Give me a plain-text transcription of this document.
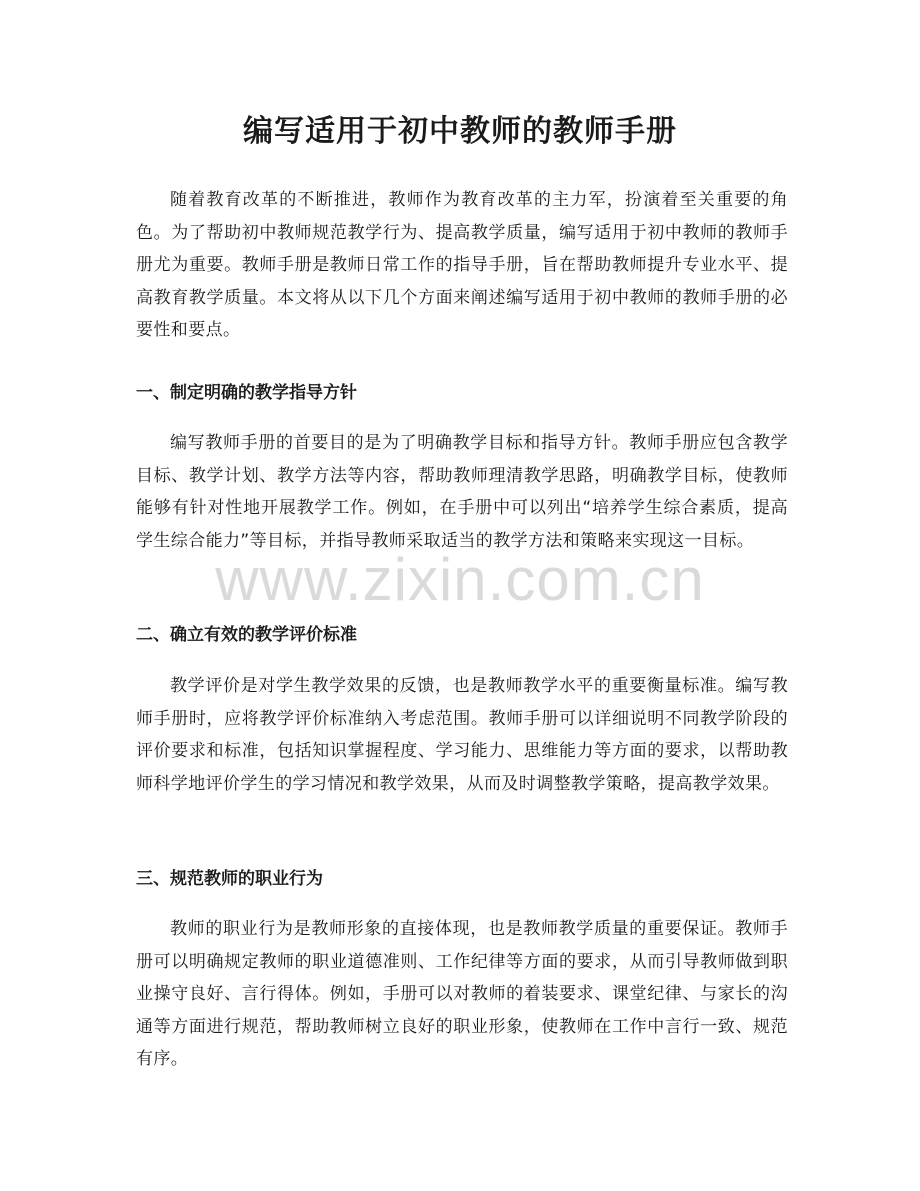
编写适用于初中教师的教师手册

随着教育改革的不断推进，教师作为教育改革的主力军，扮演着至关重要的角色。为了帮助初中教师规范教学行为、提高教学质量，编写适用于初中教师的教师手册尤为重要。教师手册是教师日常工作的指导手册，旨在帮助教师提升专业水平、提高教育教学质量。本文将从以下几个方面来阐述编写适用于初中教师的教师手册的必要性和要点。

一、制定明确的教学指导方针

编写教师手册的首要目的是为了明确教学目标和指导方针。教师手册应包含教学目标、教学计划、教学方法等内容，帮助教师理清教学思路，明确教学目标，使教师能够有针对性地开展教学工作。例如，在手册中可以列出“培养学生综合素质，提高学生综合能力”等目标，并指导教师采取适当的教学方法和策略来实现这一目标。

二、确立有效的教学评价标准

教学评价是对学生教学效果的反馈，也是教师教学水平的重要衡量标准。编写教师手册时，应将教学评价标准纳入考虑范围。教师手册可以详细说明不同教学阶段的评价要求和标准，包括知识掌握程度、学习能力、思维能力等方面的要求，以帮助教师科学地评价学生的学习情况和教学效果，从而及时调整教学策略，提高教学效果。

三、规范教师的职业行为

教师的职业行为是教师形象的直接体现，也是教师教学质量的重要保证。教师手册可以明确规定教师的职业道德准则、工作纪律等方面的要求，从而引导教师做到职业操守良好、言行得体。例如，手册可以对教师的着装要求、课堂纪律、与家长的沟通等方面进行规范，帮助教师树立良好的职业形象，使教师在工作中言行一致、规范有序。

www.zixin.com.cn
